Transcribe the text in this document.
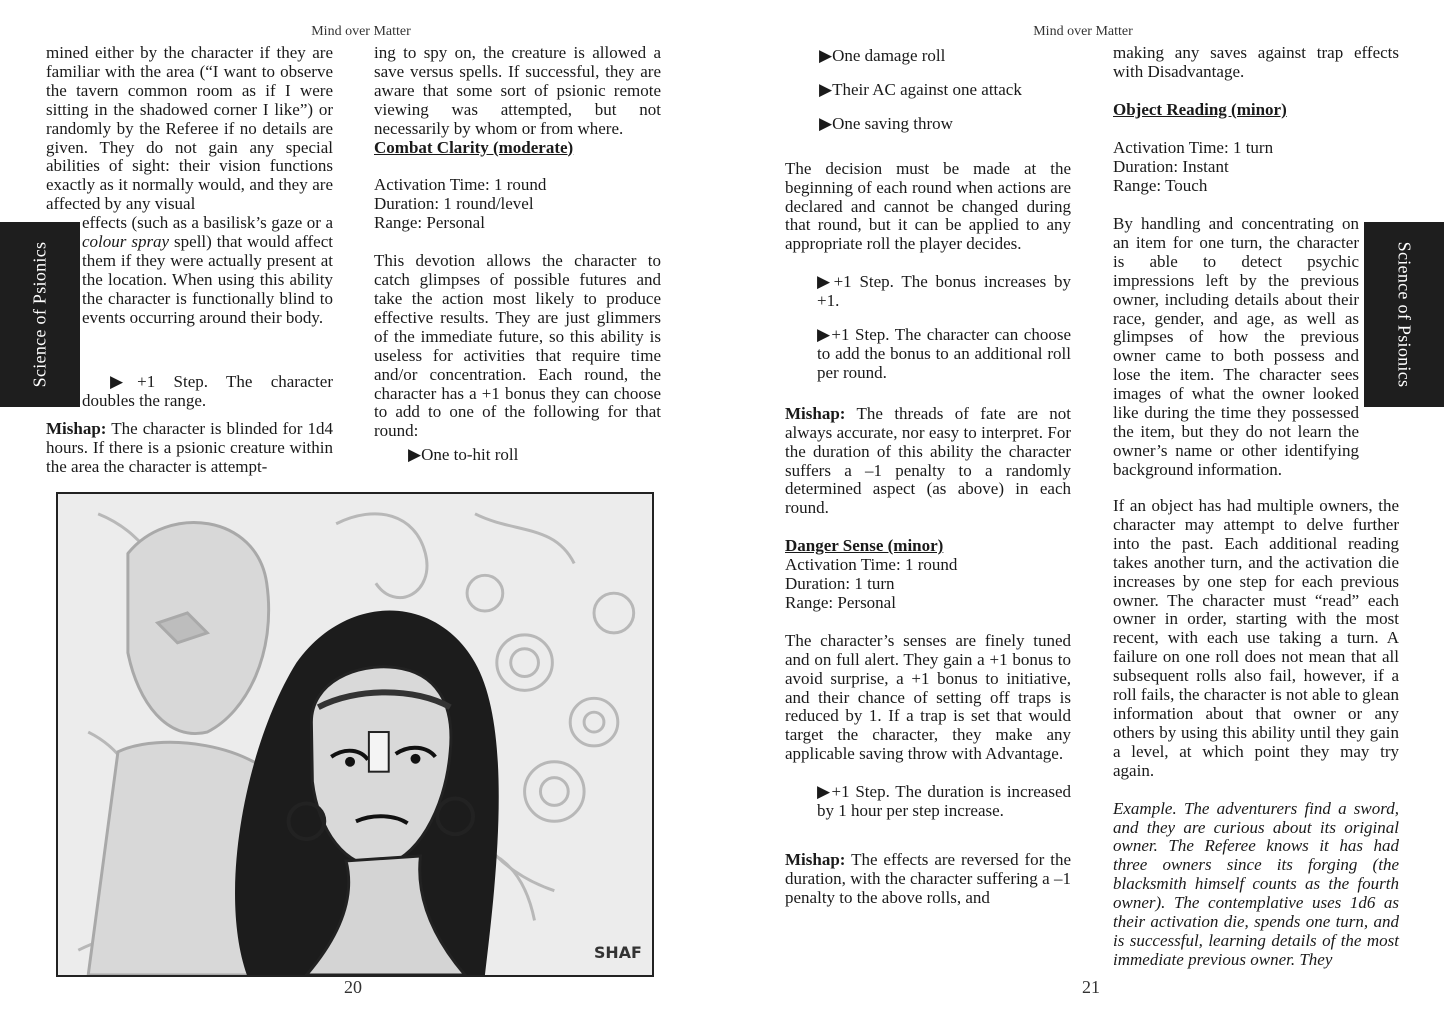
Mind over Matter
Science of Psionics

mined either by the character if they are familiar with the area (“I want to observe the tavern common room as if I were sitting in the shadowed corner I like”) or randomly by the Referee if no details are given. They do not gain any special abilities of sight: their vision functions exactly as it normally would, and they are affected by any visual

effects (such as a basilisk’s gaze or a colour spray spell) that would affect them if they were actually present at the location. When using this ability the character is functionally blind to events occurring around their body.

▶+1 Step. The character doubles the range.

Mishap: The character is blinded for 1d4 hours. If there is a psionic creature within the area the character is attempt-

ing to spy on, the creature is allowed a save versus spells. If successful, they are aware that some sort of psionic remote viewing was attempted, but not necessarily by whom or from where.

Combat Clarity (moderate)

Activation Time: 1 round

Duration: 1 round/level

Range: Personal

This devotion allows the character to catch glimpses of possible futures and take the action most likely to produce effective results. They are just glimmers of the immediate future, so this ability is useless for activities that require time and/or concentration. Each round, the character has a +1 bonus they can choose to add to one of the following for that round:

▶One to-hit roll

SHAF
20
Mind over Matter
Science of Psionics

▶One damage roll

▶Their AC against one attack

▶One saving throw

The decision must be made at the beginning of each round when actions are declared and cannot be changed during that round, but it can be applied to any appropriate roll the player decides.

▶+1 Step. The bonus increases by +1.

▶+1 Step. The character can choose to add the bonus to an additional roll per round.

Mishap: The threads of fate are not always accurate, nor easy to interpret. For the duration of this ability the character suffers a –1 penalty to a randomly determined aspect (as above) in each round.

Danger Sense (minor)

Activation Time: 1 round

Duration: 1 turn

Range: Personal

The character’s senses are finely tuned and on full alert. They gain a +1 bonus to avoid surprise, a +1 bonus to initiative, and their chance of setting off traps is reduced by 1. If a trap is set that would target the character, they make any applicable saving throw with Advantage.

▶+1 Step. The duration is increased by 1 hour per step increase.

Mishap: The effects are reversed for the duration, with the character suffering a –1 penalty to the above rolls, and

making any saves against trap effects with Disadvantage.

Object Reading (minor)

Activation Time: 1 turn

Duration: Instant

Range: Touch

By handling and concentrating on an item for one turn, the character is able to detect psychic impressions left by the previous owner, including details about their race, gender, and age, as well as glimpses of how the previous owner came to both possess and lose the item. The character sees images of what the owner looked like during the time they possessed the item, but they do not learn the owner’s name or other identifying background information.

If an object has had multiple owners, the character may attempt to delve further into the past. Each additional reading takes another turn, and the activation die increases by one step for each previous owner. The character must “read” each owner in order, starting with the most recent, with each use taking a turn. A failure on one roll does not mean that all subsequent rolls also fail, however, if a roll fails, the character is not able to glean information about that owner or any others by using this ability until they gain a level, at which point they may try again.

Example. The adventurers find a sword, and they are curious about its original owner. The Referee knows it has had three owners since its forging (the blacksmith himself counts as the fourth owner). The contemplative uses 1d6 as their activation die, spends one turn, and is successful, learning details of the most immediate previous owner. They

21
